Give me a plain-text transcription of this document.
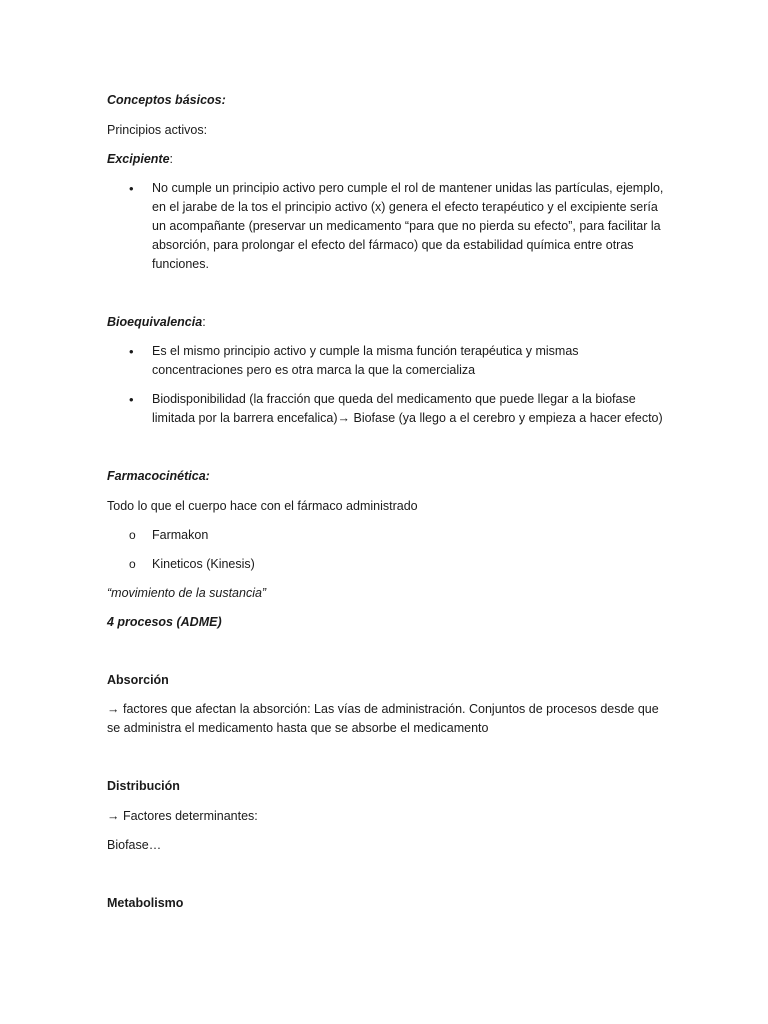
Conceptos básicos:

Principios activos:

Excipiente:

• No cumple un principio activo pero cumple el rol de mantener unidas las partículas, ejemplo, en el jarabe de la tos el principio activo (x) genera el efecto terapéutico y el excipiente sería un acompañante (preservar un medicamento “para que no pierda su efecto”, para facilitar la absorción, para prolongar el efecto del fármaco) que da estabilidad química entre otras funciones.

Bioequivalencia:

• Es el mismo principio activo y cumple la misma función terapéutica y mismas concentraciones pero es otra marca la que la comercializa
• Biodisponibilidad (la fracción que queda del medicamento que puede llegar a la biofase limitada por la barrera encefalica)→ Biofase (ya llego a el cerebro y empieza a hacer efecto)

Farmacocinética:

Todo lo que el cuerpo hace con el fármaco administrado

o Farmakon
o Kineticos (Kinesis)

“movimiento de la sustancia”

4 procesos (ADME)

Absorción

→ factores que afectan la absorción: Las vías de administración. Conjuntos de procesos desde que se administra el medicamento hasta que se absorbe el medicamento

Distribución

→ Factores determinantes:

Biofase…

Metabolismo
